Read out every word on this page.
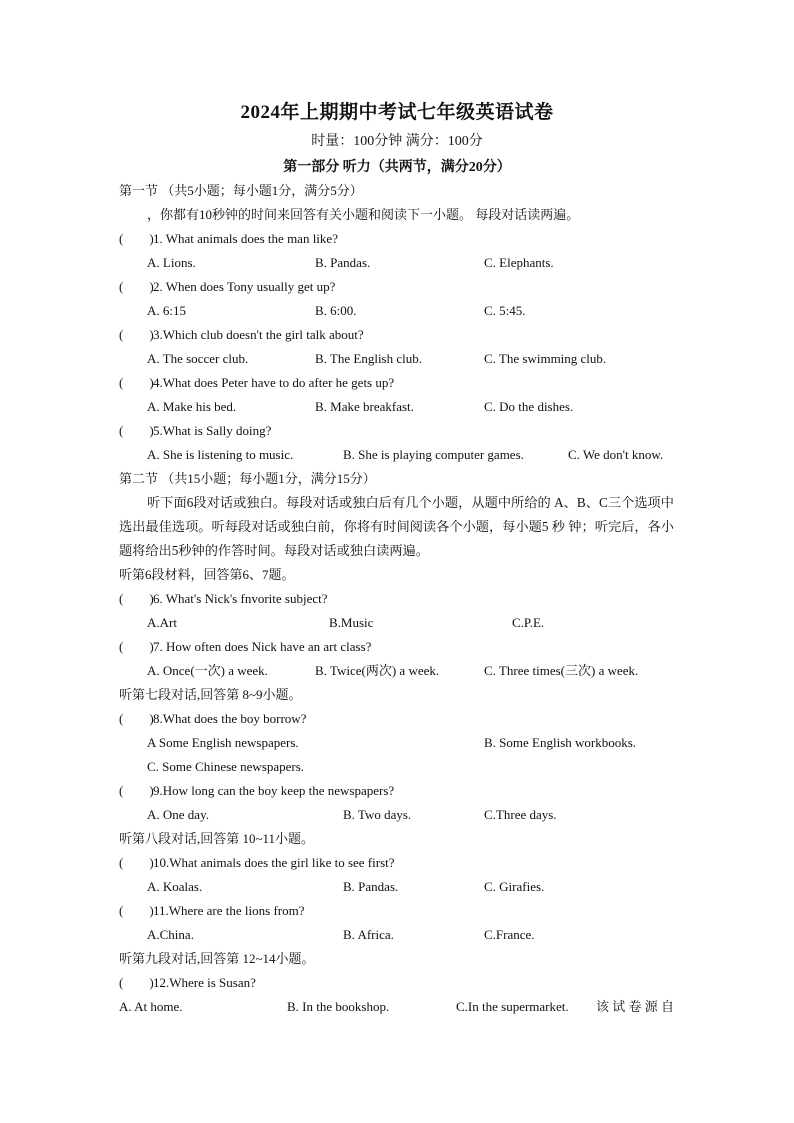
2024年上期期中考试七年级英语试卷
时量：100分钟 满分：100分
第一部分 听力（共两节，满分20分）
第一节 （共5小题；每小题1分，满分5分）
，你都有10秒钟的时间来回答有关小题和阅读下一小题。 每段对话读两遍。
(　　)1. What animals does the man like?
A. Lions.	B. Pandas.	C. Elephants.
(　　)2. When does Tony usually get up?
A. 6:15	B. 6:00.	C. 5:45.
(　　)3.Which club doesn't the girl talk about?
A. The soccer club.	B. The English club.	C. The swimming club.
(　　)4.What does Peter have to do after he gets up?
A. Make his bed.	B. Make breakfast.	C. Do the dishes.
(　　)5.What is Sally doing?
A. She is listening to music.	B. She is playing computer games.	C. We don't know.
第二节 （共15小题；每小题1分，满分15分）
听下面6段对话或独白。每段对话或独白后有几个小题，从题中所给的 A、B、C三个选项中选出最佳选项。听每段对话或独白前，你将有时间阅读各个小题，每小题5 秒 钟；听完后，各小题将给出5秒钟的作答时间。每段对话或独白读两遍。
听第6段材料，回答第6、7题。
(　　)6. What's Nick's fnvorite subject?
A.Art	B.Music	C.P.E.
(　　)7. How often does Nick have an art class?
A. Once(一次) a week.	B. Twice(两次) a week.	C. Three times(三次) a week.
听第七段对话,回答第 8~9小题。
(　　)8.What does the boy borrow?
A Some English newspapers.	B. Some English workbooks.
C. Some Chinese newspapers.
(　　)9.How long can the boy keep the newspapers?
A. One day.	B. Two days.	C.Three days.
听第八段对话,回答第 10~11小题。
(　　)10.What animals does the girl like to see first?
A. Koalas.	B. Pandas.	C. Girafies.
(　　)11.Where are the lions from?
A.China.	B. Africa.	C.France.
听第九段对话,回答第 12~14小题。
(　　)12.Where is Susan?
A. At home.	B. In the bookshop.	C.In the supermarket. 该 试 卷 源 自
